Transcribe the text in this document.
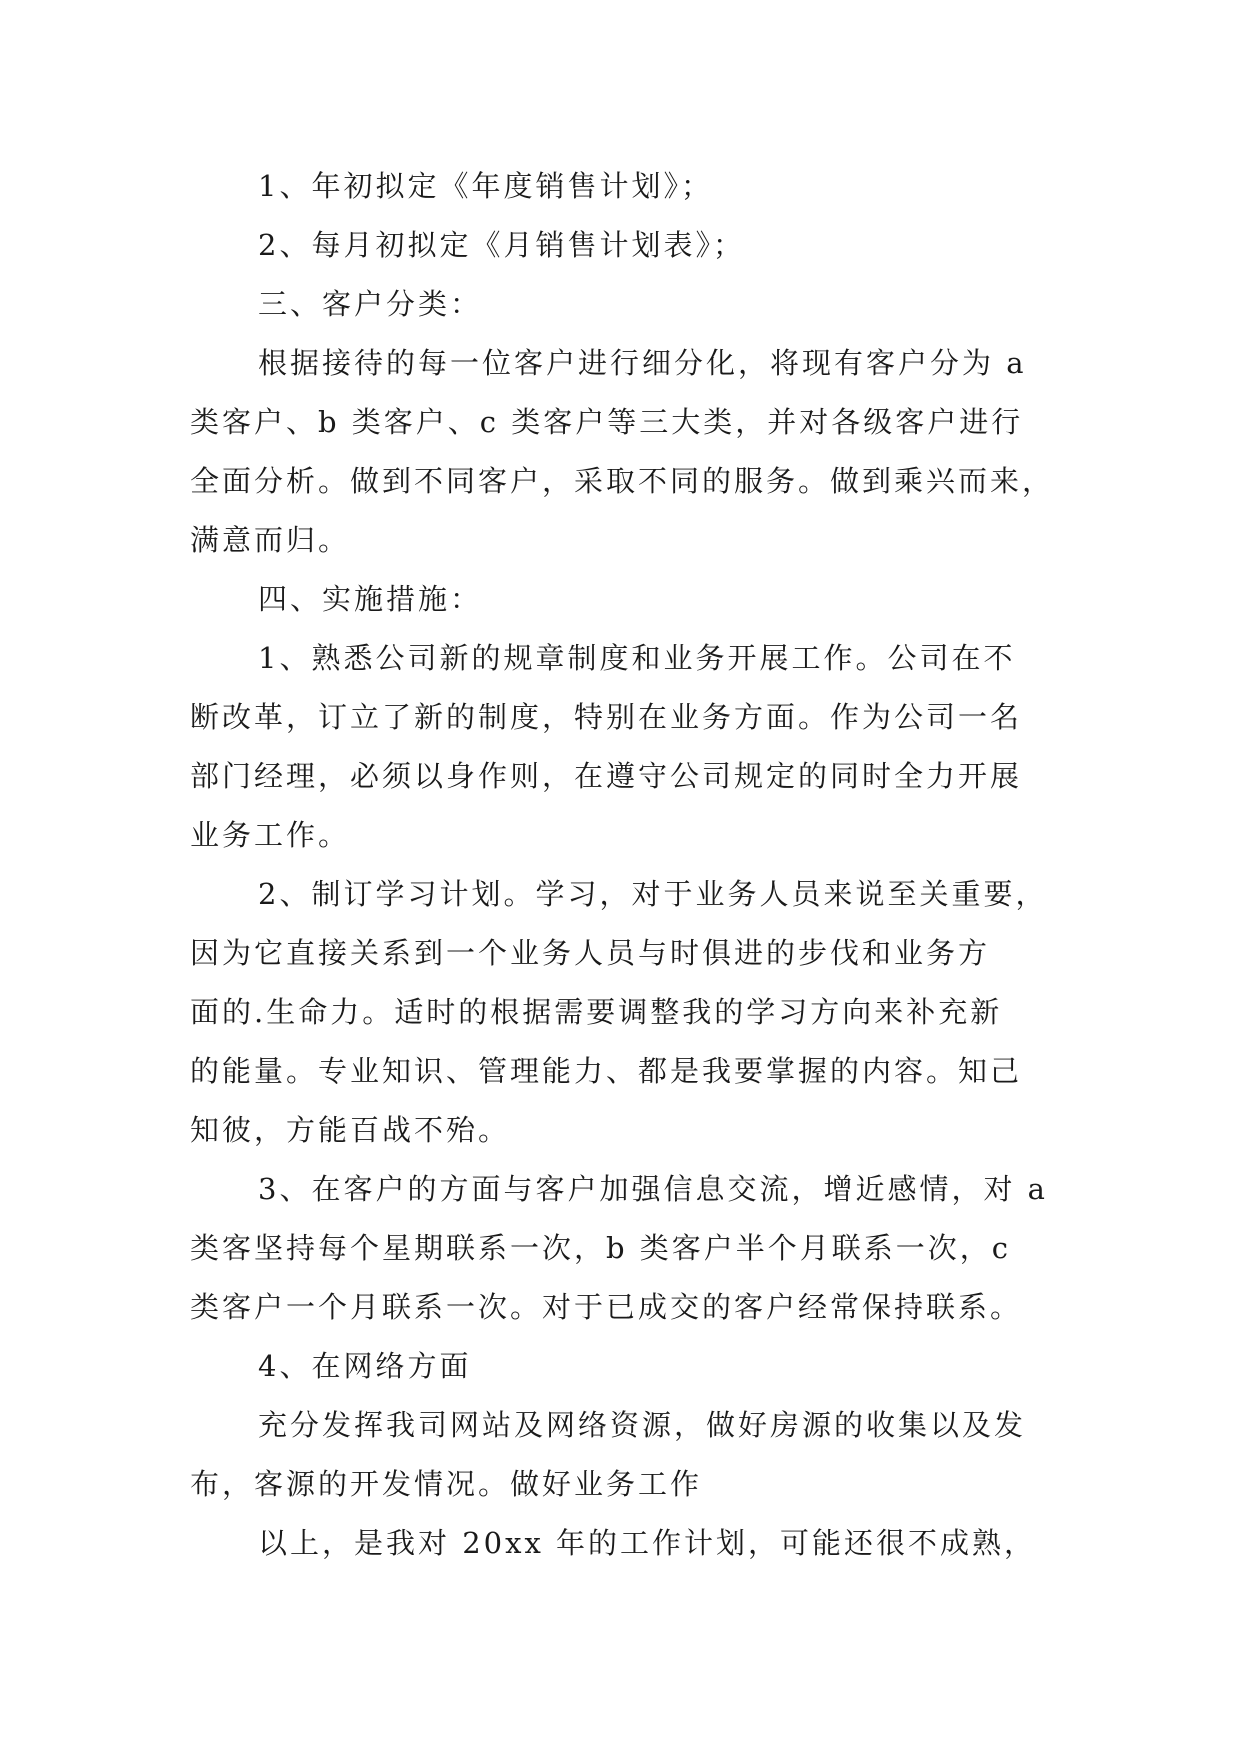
1、年初拟定《年度销售计划》；
2、每月初拟定《月销售计划表》；
三、客户分类：
根据接待的每一位客户进行细分化，将现有客户分为 a
类客户、b 类客户、c 类客户等三大类，并对各级客户进行
全面分析。做到不同客户，采取不同的服务。做到乘兴而来，
满意而归。
四、实施措施：
1、熟悉公司新的规章制度和业务开展工作。公司在不
断改革，订立了新的制度，特别在业务方面。作为公司一名
部门经理，必须以身作则，在遵守公司规定的同时全力开展
业务工作。
2、制订学习计划。学习，对于业务人员来说至关重要，
因为它直接关系到一个业务人员与时俱进的步伐和业务方
面的.生命力。适时的根据需要调整我的学习方向来补充新
的能量。专业知识、管理能力、都是我要掌握的内容。知己
知彼，方能百战不殆。
3、在客户的方面与客户加强信息交流，增近感情，对 a
类客坚持每个星期联系一次，b 类客户半个月联系一次，c
类客户一个月联系一次。对于已成交的客户经常保持联系。
4、在网络方面
充分发挥我司网站及网络资源，做好房源的收集以及发
布，客源的开发情况。做好业务工作
以上，是我对 20xx 年的工作计划，可能还很不成熟，
